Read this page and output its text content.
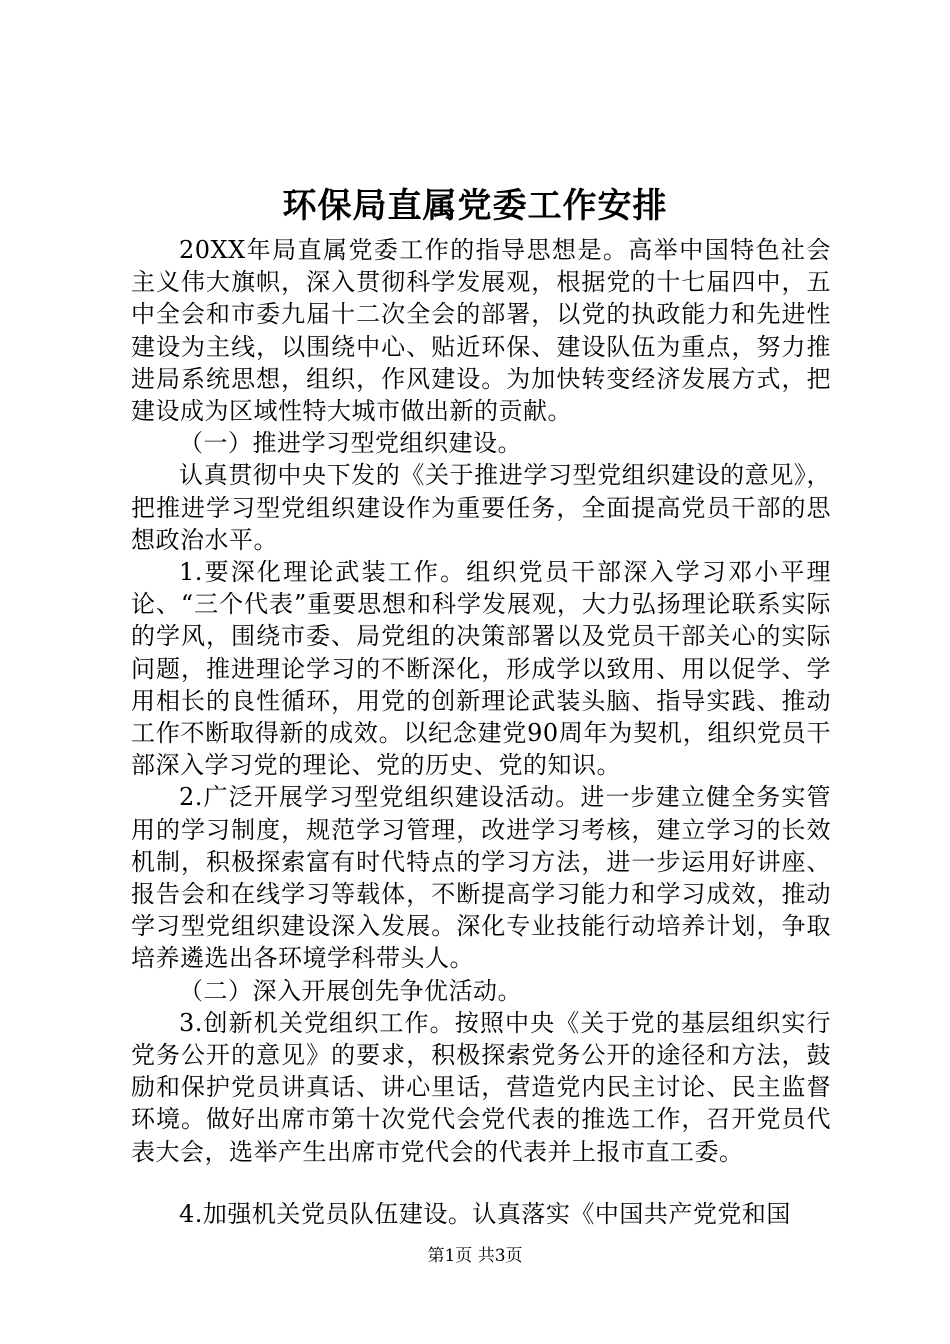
环保局直属党委工作安排

20XX年局直属党委工作的指导思想是。高举中国特色社会主义伟大旗帜，深入贯彻科学发展观，根据党的十七届四中，五中全会和市委九届十二次全会的部署，以党的执政能力和先进性建设为主线，以围绕中心、贴近环保、建设队伍为重点，努力推进局系统思想，组织，作风建设。为加快转变经济发展方式，把建设成为区域性特大城市做出新的贡献。

（一）推进学习型党组织建设。

认真贯彻中央下发的《关于推进学习型党组织建设的意见》，把推进学习型党组织建设作为重要任务，全面提高党员干部的思想政治水平。

1.要深化理论武装工作。组织党员干部深入学习邓小平理论、“三个代表”重要思想和科学发展观，大力弘扬理论联系实际的学风，围绕市委、局党组的决策部署以及党员干部关心的实际问题，推进理论学习的不断深化，形成学以致用、用以促学、学用相长的良性循环，用党的创新理论武装头脑、指导实践、推动工作不断取得新的成效。以纪念建党90周年为契机，组织党员干部深入学习党的理论、党的历史、党的知识。

2.广泛开展学习型党组织建设活动。进一步建立健全务实管用的学习制度，规范学习管理，改进学习考核，建立学习的长效机制，积极探索富有时代特点的学习方法，进一步运用好讲座、报告会和在线学习等载体，不断提高学习能力和学习成效，推动学习型党组织建设深入发展。深化专业技能行动培养计划，争取培养遴选出各环境学科带头人。

（二）深入开展创先争优活动。

3.创新机关党组织工作。按照中央《关于党的基层组织实行党务公开的意见》的要求，积极探索党务公开的途径和方法，鼓励和保护党员讲真话、讲心里话，营造党内民主讨论、民主监督环境。做好出席市第十次党代会党代表的推选工作，召开党员代表大会，选举产生出席市党代会的代表并上报市直工委。

4.加强机关党员队伍建设。认真落实《中国共产党党和国

第1页 共3页
